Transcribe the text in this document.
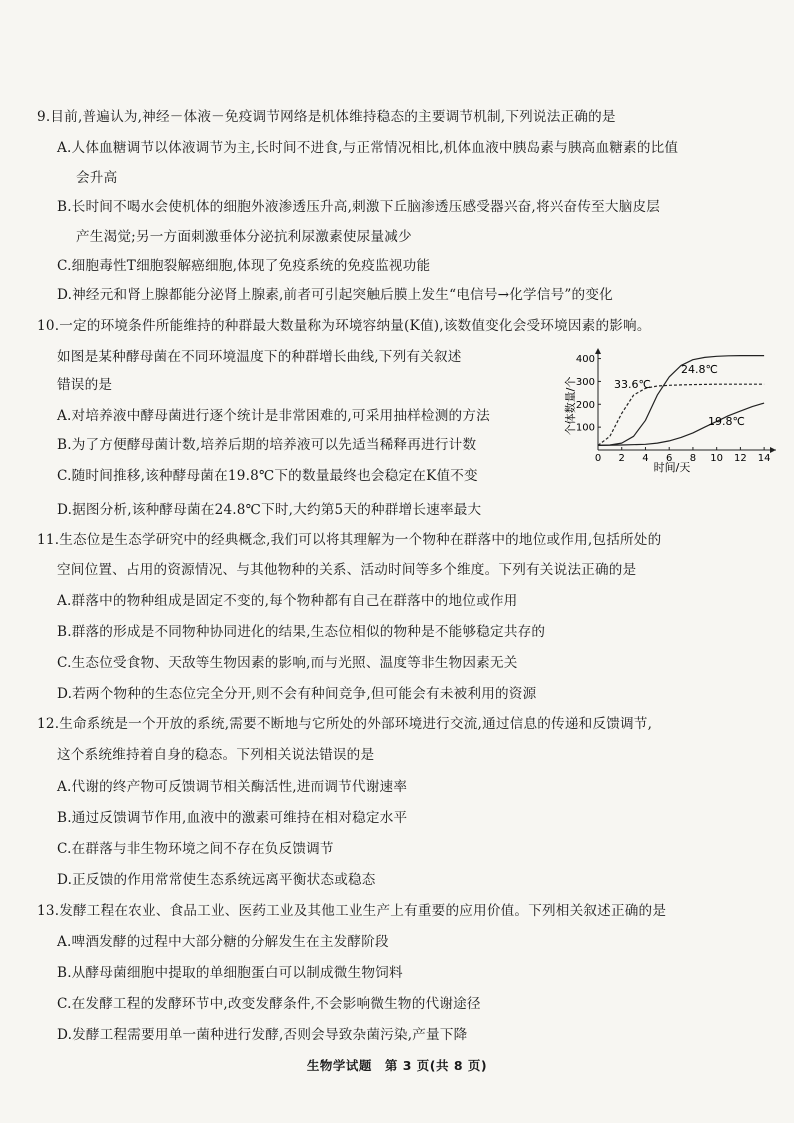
9.目前,普遍认为,神经－体液－免疫调节网络是机体维持稳态的主要调节机制,下列说法正确的是
A.人体血糖调节以体液调节为主,长时间不进食,与正常情况相比,机体血液中胰岛素与胰高血糖素的比值
会升高
B.长时间不喝水会使机体的细胞外液渗透压升高,刺激下丘脑渗透压感受器兴奋,将兴奋传至大脑皮层
产生渴觉;另一方面刺激垂体分泌抗利尿激素使尿量减少
C.细胞毒性T细胞裂解癌细胞,体现了免疫系统的免疫监视功能
D.神经元和肾上腺都能分泌肾上腺素,前者可引起突触后膜上发生“电信号→化学信号”的变化
10.一定的环境条件所能维持的种群最大数量称为环境容纳量(K值),该数值变化会受环境因素的影响。
如图是某种酵母菌在不同环境温度下的种群增长曲线,下列有关叙述
错误的是
A.对培养液中酵母菌进行逐个统计是非常困难的,可采用抽样检测的方法
B.为了方便酵母菌计数,培养后期的培养液可以先适当稀释再进行计数
C.随时间推移,该种酵母菌在19.8℃下的数量最终也会稳定在K值不变
D.据图分析,该种酵母菌在24.8℃下时,大约第5天的种群增长速率最大
个体数量/个
时间/天
0 2 4 6 8 10 12 14
100
200
300
400
24.8℃
33.6℃
19.8℃
11.生态位是生态学研究中的经典概念,我们可以将其理解为一个物种在群落中的地位或作用,包括所处的
空间位置、占用的资源情况、与其他物种的关系、活动时间等多个维度。下列有关说法正确的是
A.群落中的物种组成是固定不变的,每个物种都有自己在群落中的地位或作用
B.群落的形成是不同物种协同进化的结果,生态位相似的物种是不能够稳定共存的
C.生态位受食物、天敌等生物因素的影响,而与光照、温度等非生物因素无关
D.若两个物种的生态位完全分开,则不会有种间竞争,但可能会有未被利用的资源
12.生命系统是一个开放的系统,需要不断地与它所处的外部环境进行交流,通过信息的传递和反馈调节,
这个系统维持着自身的稳态。下列相关说法错误的是
A.代谢的终产物可反馈调节相关酶活性,进而调节代谢速率
B.通过反馈调节作用,血液中的激素可维持在相对稳定水平
C.在群落与非生物环境之间不存在负反馈调节
D.正反馈的作用常常使生态系统远离平衡状态或稳态
13.发酵工程在农业、食品工业、医药工业及其他工业生产上有重要的应用价值。下列相关叙述正确的是
A.啤酒发酵的过程中大部分糖的分解发生在主发酵阶段
B.从酵母菌细胞中提取的单细胞蛋白可以制成微生物饲料
C.在发酵工程的发酵环节中,改变发酵条件,不会影响微生物的代谢途径
D.发酵工程需要用单一菌种进行发酵,否则会导致杂菌污染,产量下降
生物学试题　第 3 页(共 8 页)
